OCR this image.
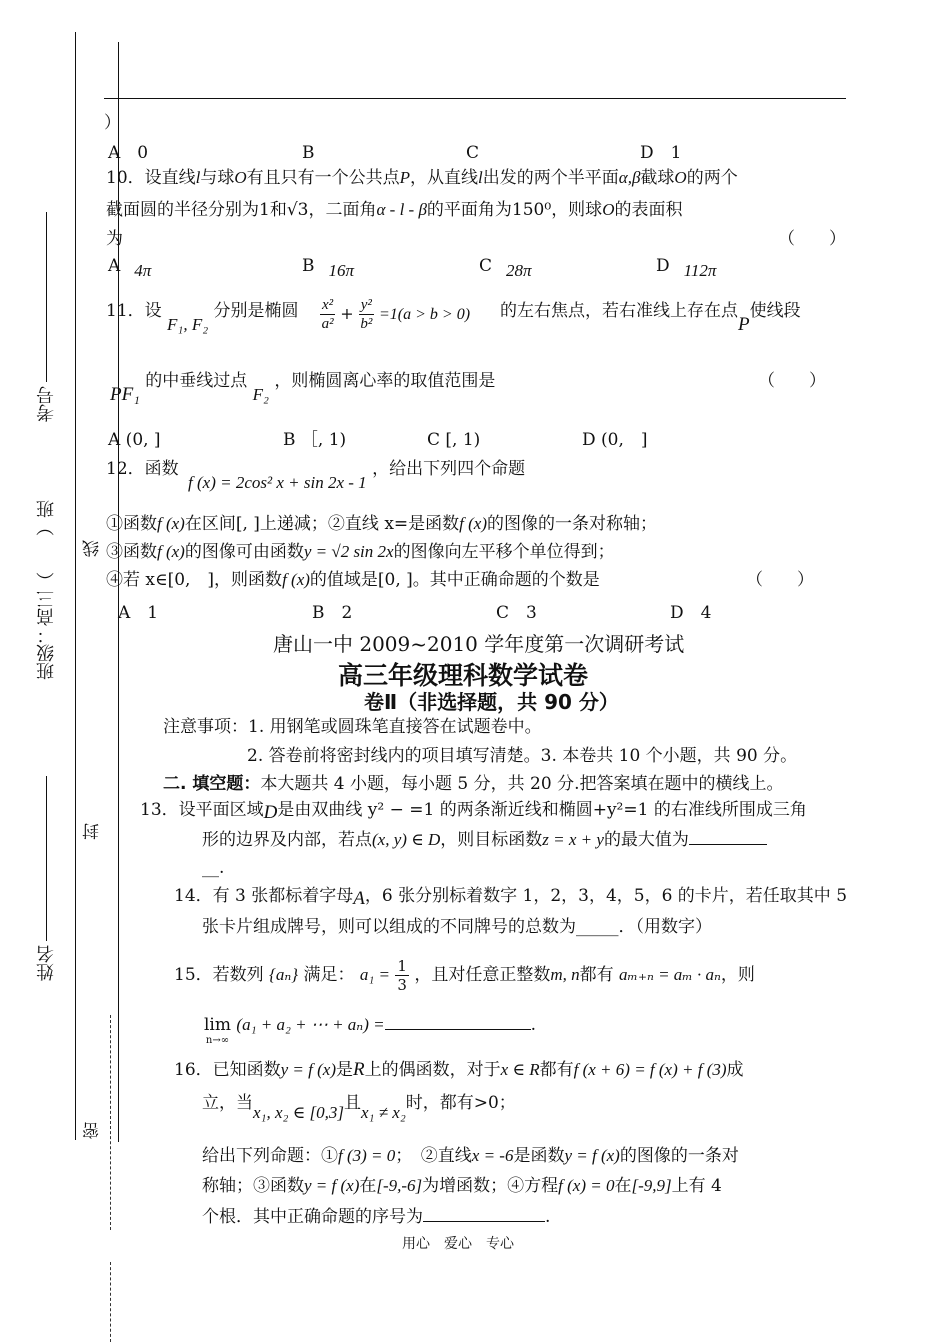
考号
班级：高三（　　）班
姓名
线
封
密
）
A　0	B	C	D　1
10．设直线l与球O有且只有一个公共点P，从直线l出发的两个半平面α,β截球O的两个
截面圆的半径分别为1和√3，二面角α - l - β的平面角为150⁰，则球O的表面积
为	（　　）
A 4π	B 16π	C 28π	D 112π
11．设 F₁, F₂ 分别是椭圆 $\frac{\text{x²}}{\text{a²}} + \frac{\text{y²}}{\text{b²}} =1(a > b > 0)$ 的左右焦点，若右准线上存在点P使线段
PF₁ 的中垂线过点 F₂ ，则椭圆离心率的取值范围是	（　　）
A (0, ]	B ［, 1)	C [, 1)	D (0,　]
12．函数 f (x) = 2cos² x + sin 2x - 1 ，给出下列四个命题
①函数f (x)在区间[, ]上递减；②直线 x=是函数f (x)的图像的一条对称轴；
③函数f (x)的图像可由函数y = √2 sin 2x的图像向左平移个单位得到；
④若 x∈[0,　]，则函数f (x)的值域是[0, ]。其中正确命题的个数是	（　　）
A　1	B　2	C　3	D　4
唐山一中 2009~2010 学年度第一次调研考试
高三年级理科数学试卷
卷Ⅱ（非选择题，共 90 分）
注意事项：1. 用钢笔或圆珠笔直接答在试题卷中。
2. 答卷前将密封线内的项目填写清楚。3. 本卷共 10 个小题，共 90 分。
二. 填空题：本大题共 4 小题，每小题 5 分，共 20 分.把答案填在题中的横线上。
13．设平面区域D是由双曲线 y² − =1 的两条渐近线和椭圆+y²=1 的右准线所围成三角
形的边界及内部，若点(x, y) ∈ D，则目标函数z = x + y的最大值为
__.
14．有 3 张都标着字母A，6 张分别标着数字 1，2，3，4，5，6 的卡片，若任取其中 5
张卡片组成牌号，则可以组成的不同牌号的总数为_____．（用数字）
15．若数列 {aₙ} 满足： $a_1 = \frac{1}{3}$ ，且对任意正整数m, n都有 aₘ₊ₙ = aₘ · aₙ，则
lim
n→∞
(a₁ + a₂ + ⋯ + aₙ) =	.
16．已知函数y = f (x)是R上的偶函数，对于x ∈ R都有f (x + 6) = f (x) + f (3)成
立，当x₁, x₂ ∈ [0,3]且x₁ ≠ x₂时，都有>0；
给出下列命题：①f (3) = 0；　②直线x = -6是函数y = f (x)的图像的一条对
称轴；③函数y = f (x)在[-9,-6]为增函数；④方程f (x) = 0在[-9,9]上有 4
个根．其中正确命题的序号为	.
用心　爱心　专心
